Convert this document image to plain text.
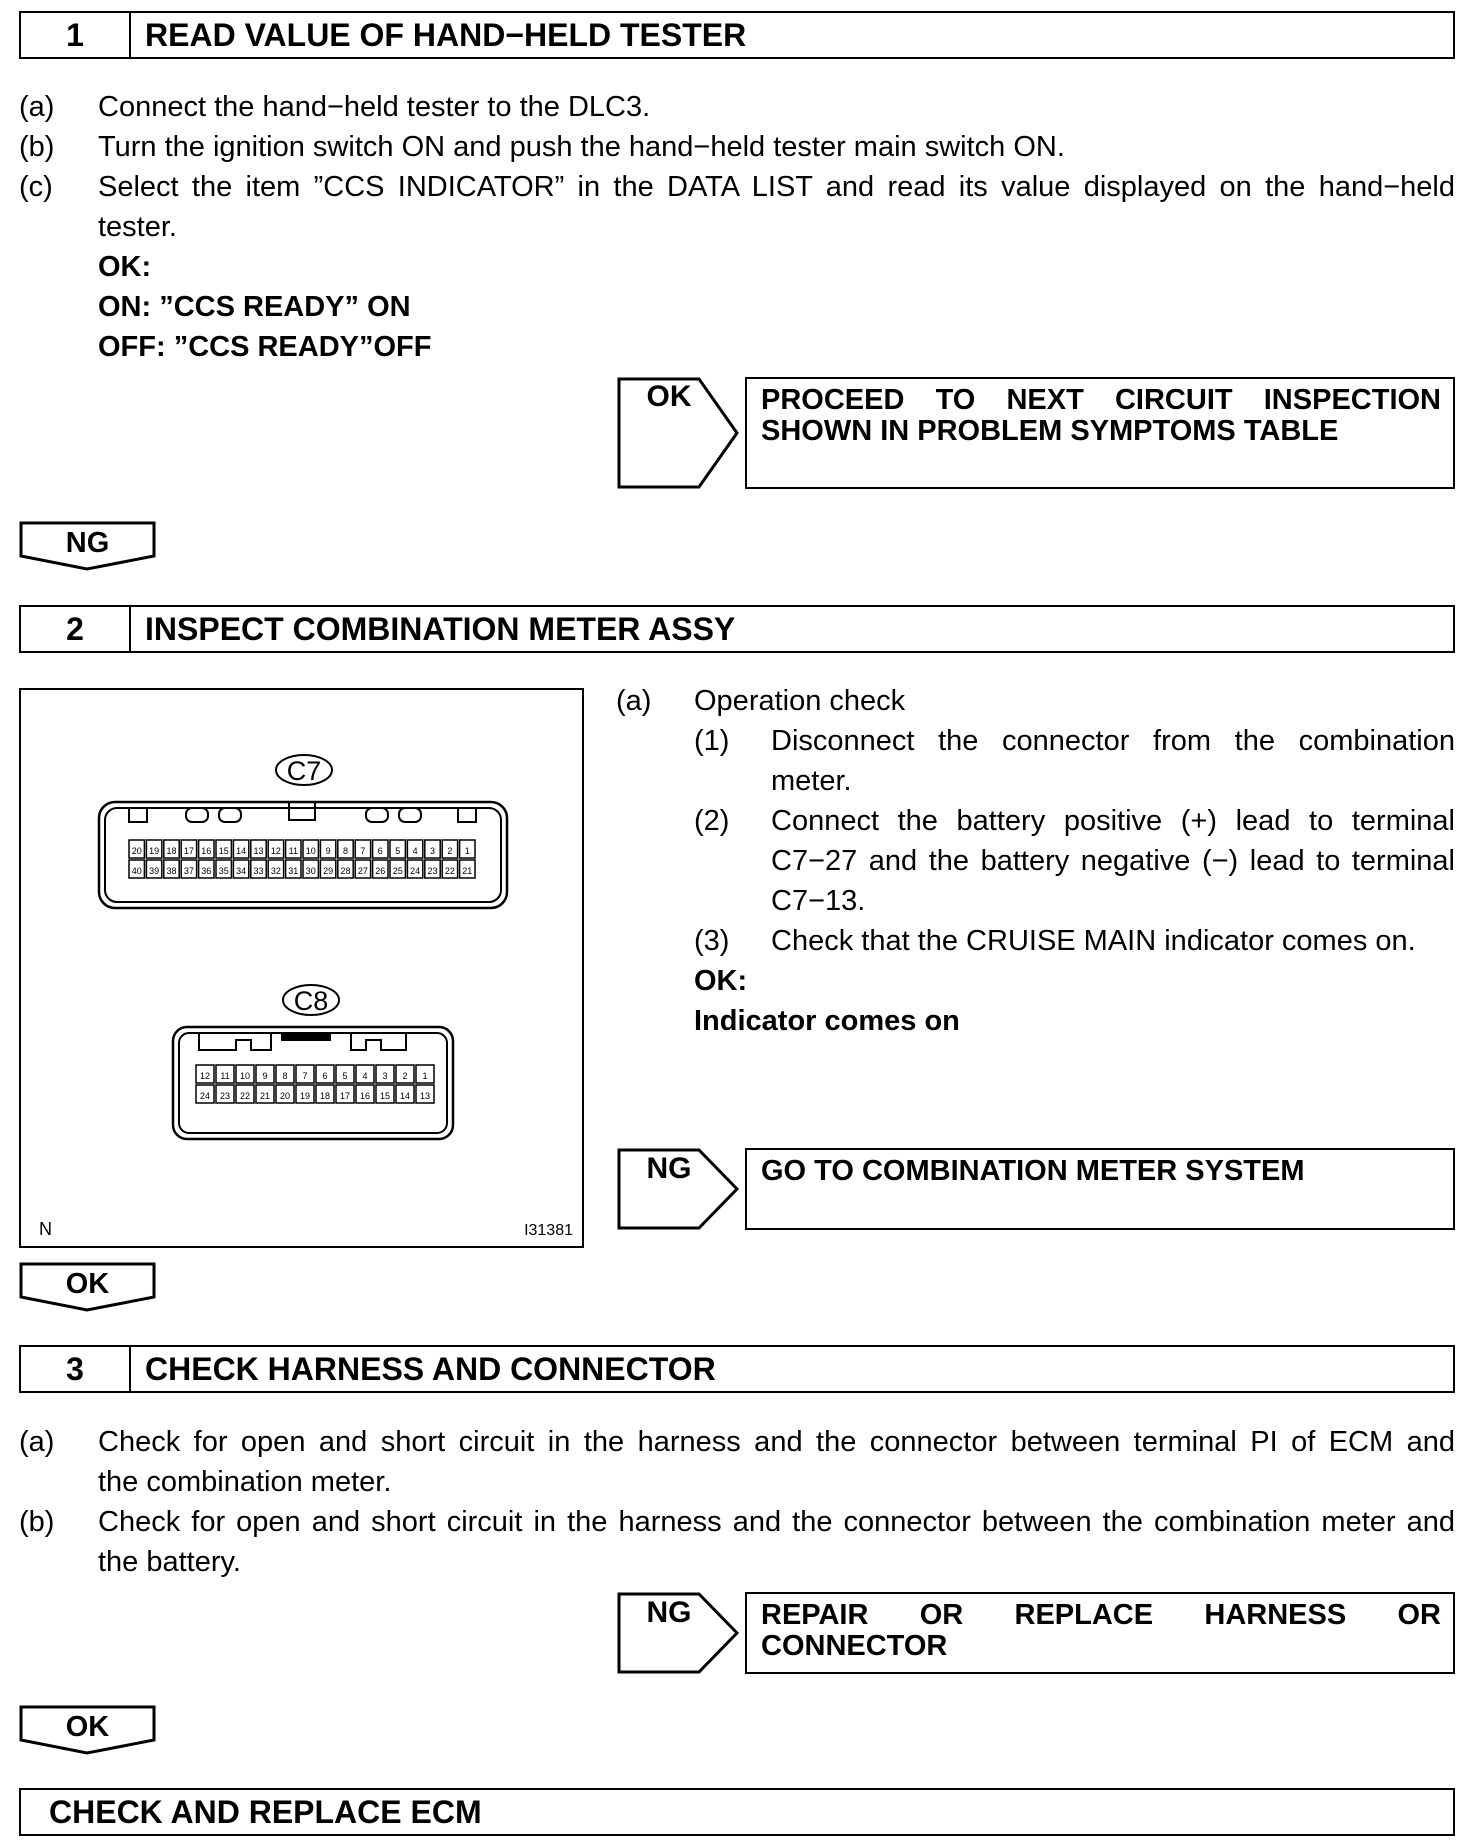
1	READ VALUE OF HAND−HELD TESTER
(a) Connect the hand−held tester to the DLC3.
(b) Turn the ignition switch ON and push the hand−held tester main switch ON.
(c) Select the item ”CCS INDICATOR” in the DATA LIST and read its value displayed on the hand−held
tester.
OK:
ON: ”CCS READY” ON
OFF: ”CCS READY”OFF
OK	PROCEED TO NEXT CIRCUIT INSPECTION
SHOWN IN PROBLEM SYMPTOMS TABLE
NG
2	INSPECT COMBINATION METER ASSY
C7
20 19 18 17 16 15 14 13 12 11 10 9 8 7 6 5 4 3 2 1
40 39 38 37 36 35 34 33 32 31 30 29 28 27 26 25 24 23 22 21
C8
12 11 10 9 8 7 6 5 4 3 2 1
24 23 22 21 20 19 18 17 16 15 14 13
N	I31381
(a) Operation check
(1) Disconnect the connector from the combination
meter.
(2) Connect the battery positive (+) lead to terminal
C7−27 and the battery negative (−) lead to terminal
C7−13.
(3) Check that the CRUISE MAIN indicator comes on.
OK:
Indicator comes on
NG	GO TO COMBINATION METER SYSTEM
OK
3	CHECK HARNESS AND CONNECTOR
(a) Check for open and short circuit in the harness and the connector between terminal PI of ECM and
the combination meter.
(b) Check for open and short circuit in the harness and the connector between the combination meter and
the battery.
NG	REPAIR OR REPLACE HARNESS OR
CONNECTOR
OK
CHECK AND REPLACE ECM
